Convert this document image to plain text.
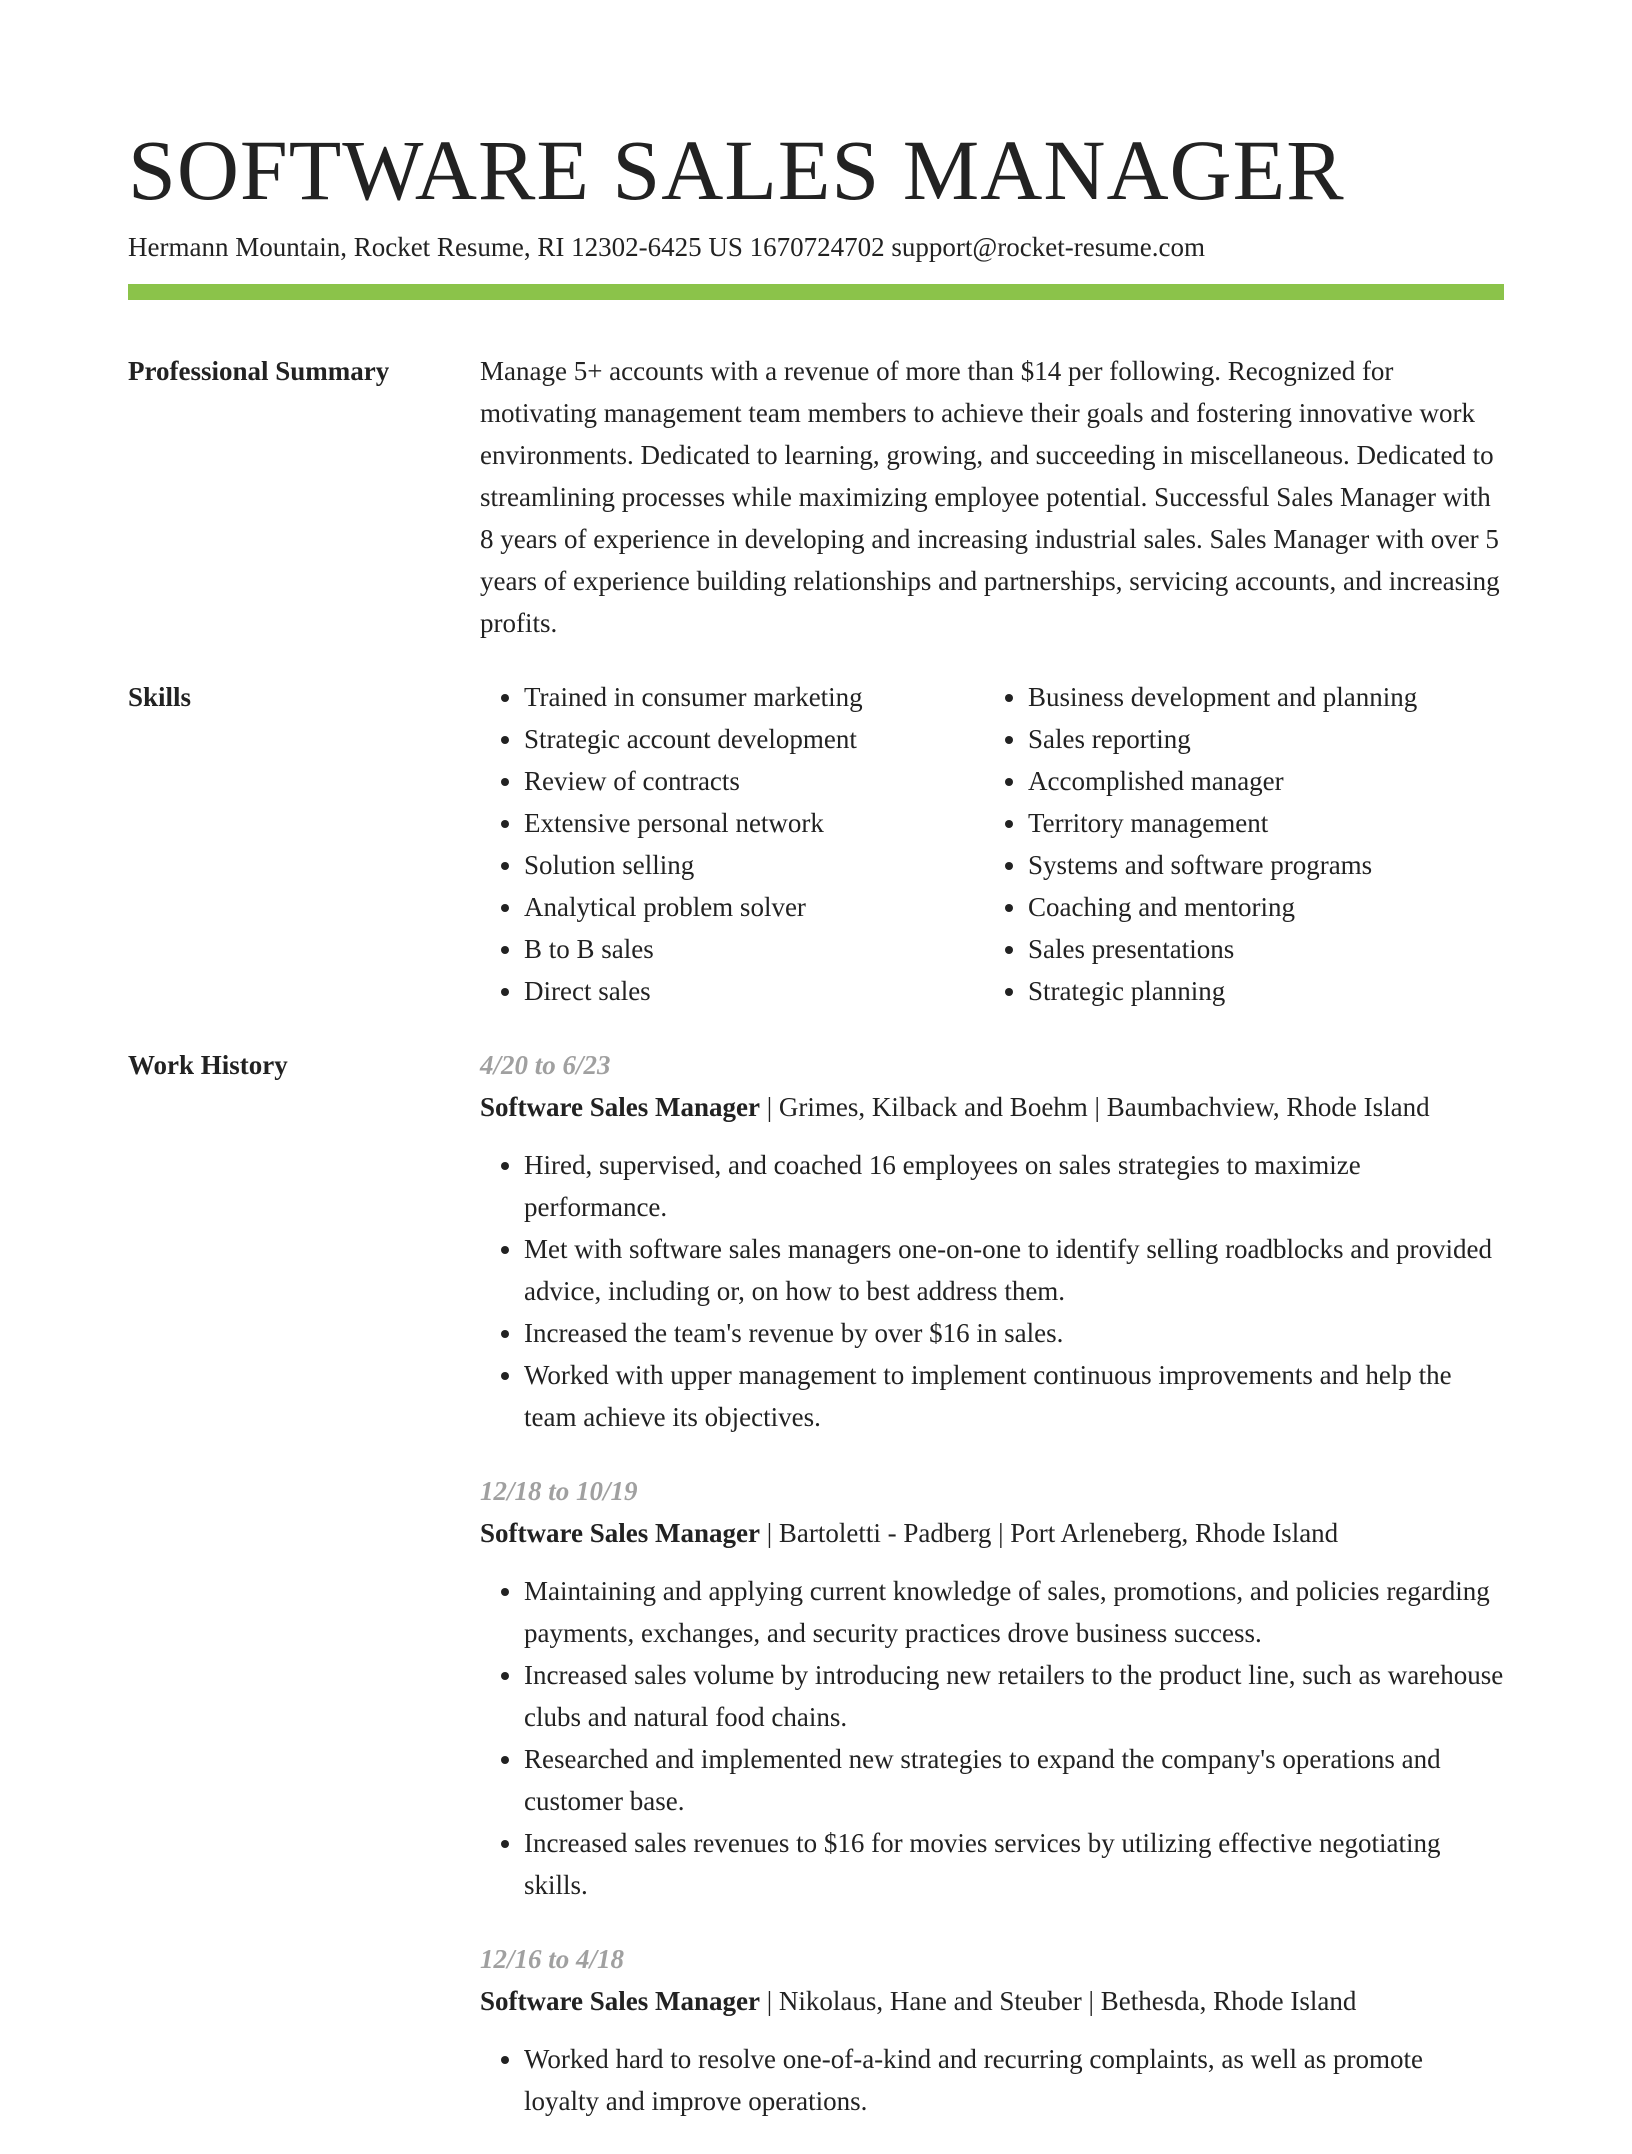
SOFTWARE SALES MANAGER
Hermann Mountain, Rocket Resume, RI 12302-6425 US 1670724702 support@rocket-resume.com
Professional Summary	Manage 5+ accounts with a revenue of more than $14 per following. Recognized for motivating management team members to achieve their goals and fostering innovative work environments. Dedicated to learning, growing, and succeeding in miscellaneous. Dedicated to streamlining processes while maximizing employee potential. Successful Sales Manager with 8 years of experience in developing and increasing industrial sales. Sales Manager with over 5 years of experience building relationships and partnerships, servicing accounts, and increasing profits.
Skills
•	Trained in consumer marketing
• Strategic account development
• Review of contracts
• Extensive personal network
• Solution selling
• Analytical problem solver
• B to B sales
• Direct sales
• Business development and planning
• Sales reporting
• Accomplished manager
• Territory management
• Systems and software programs
• Coaching and mentoring
• Sales presentations
• Strategic planning
Work History	4/20 to 6/23
Software Sales Manager | Grimes, Kilback and Boehm | Baumbachview, Rhode Island
• Hired, supervised, and coached 16 employees on sales strategies to maximize performance.
• Met with software sales managers one-on-one to identify selling roadblocks and provided advice, including or, on how to best address them.
• Increased the team's revenue by over $16 in sales.
• Worked with upper management to implement continuous improvements and help the team achieve its objectives.
12/18 to 10/19
Software Sales Manager | Bartoletti - Padberg | Port Arleneberg, Rhode Island
• Maintaining and applying current knowledge of sales, promotions, and policies regarding payments, exchanges, and security practices drove business success.
• Increased sales volume by introducing new retailers to the product line, such as warehouse clubs and natural food chains.
• Researched and implemented new strategies to expand the company's operations and customer base.
• Increased sales revenues to $16 for movies services by utilizing effective negotiating skills.
12/16 to 4/18
Software Sales Manager | Nikolaus, Hane and Steuber | Bethesda, Rhode Island
• Worked hard to resolve one-of-a-kind and recurring complaints, as well as promote loyalty and improve operations.
